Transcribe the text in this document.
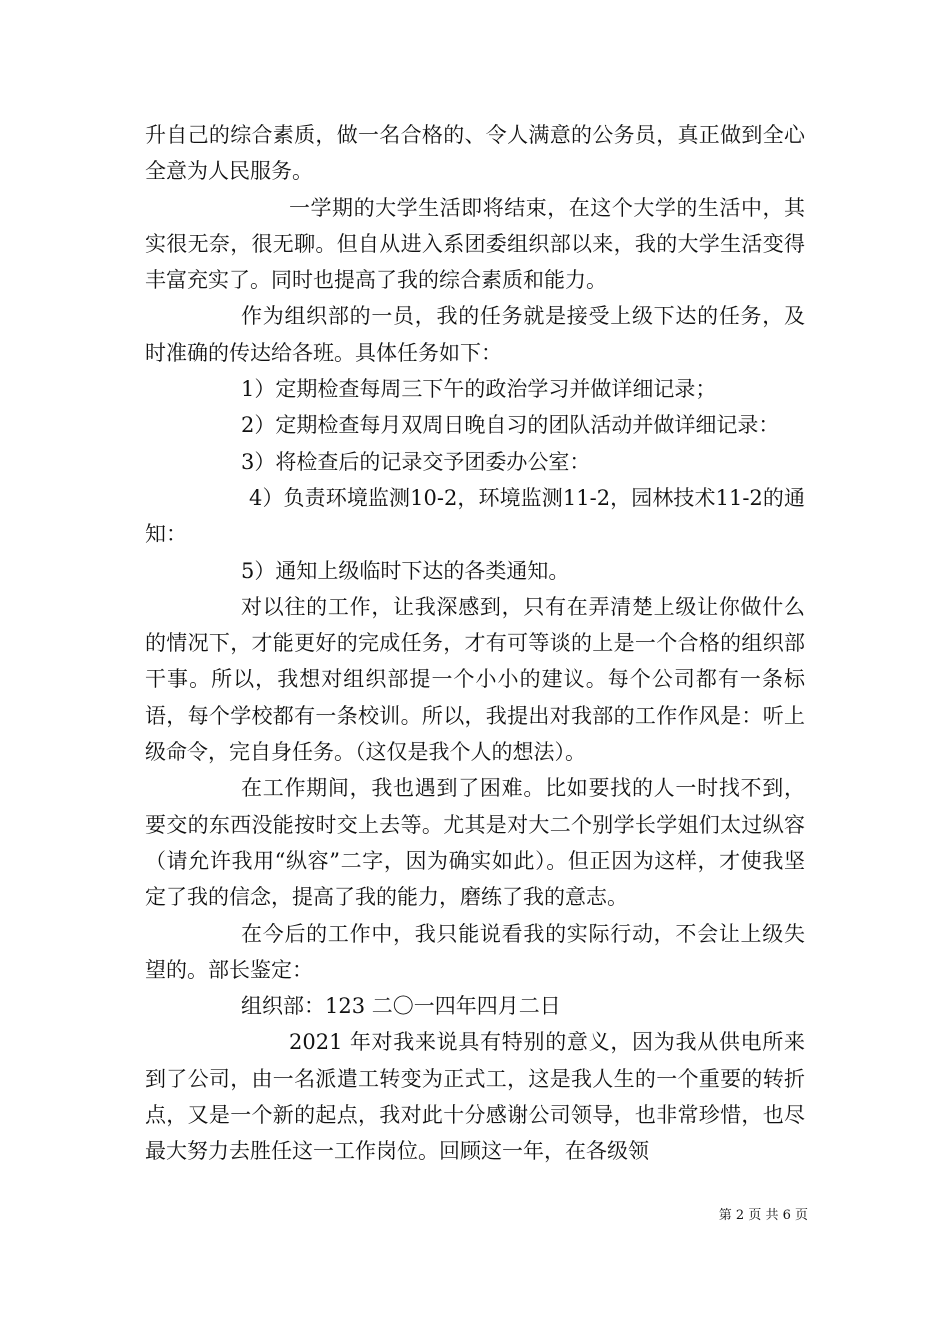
升自己的综合素质，做一名合格的、令人满意的公务员，真正做到全心全意为人民服务。

一学期的大学生活即将结束，在这个大学的生活中，其实很无奈，很无聊。但自从进入系团委组织部以来，我的大学生活变得丰富充实了。同时也提高了我的综合素质和能力。

作为组织部的一员，我的任务就是接受上级下达的任务，及时准确的传达给各班。具体任务如下：

1）定期检查每周三下午的政治学习并做详细记录；

2）定期检查每月双周日晚自习的团队活动并做详细记录：

3）将检查后的记录交予团委办公室：

4）负责环境监测10-2，环境监测11-2，园林技术11-2的通知：

5）通知上级临时下达的各类通知。

对以往的工作，让我深感到，只有在弄清楚上级让你做什么的情况下，才能更好的完成任务，才有可等谈的上是一个合格的组织部干事。所以，我想对组织部提一个小小的建议。每个公司都有一条标语，每个学校都有一条校训。所以，我提出对我部的工作作风是：听上级命令，完自身任务。（这仅是我个人的想法）。

在工作期间，我也遇到了困难。比如要找的人一时找不到，要交的东西没能按时交上去等。尤其是对大二个别学长学姐们太过纵容（请允许我用“纵容”二字，因为确实如此）。但正因为这样，才使我坚定了我的信念，提高了我的能力，磨练了我的意志。

在今后的工作中，我只能说看我的实际行动，不会让上级失望的。部长鉴定：

组织部：123 二〇一四年四月二日

2021 年对我来说具有特别的意义，因为我从供电所来到了公司，由一名派遣工转变为正式工，这是我人生的一个重要的转折点，又是一个新的起点，我对此十分感谢公司领导，也非常珍惜，也尽最大努力去胜任这一工作岗位。回顾这一年，在各级领

第 2 页 共 6 页
